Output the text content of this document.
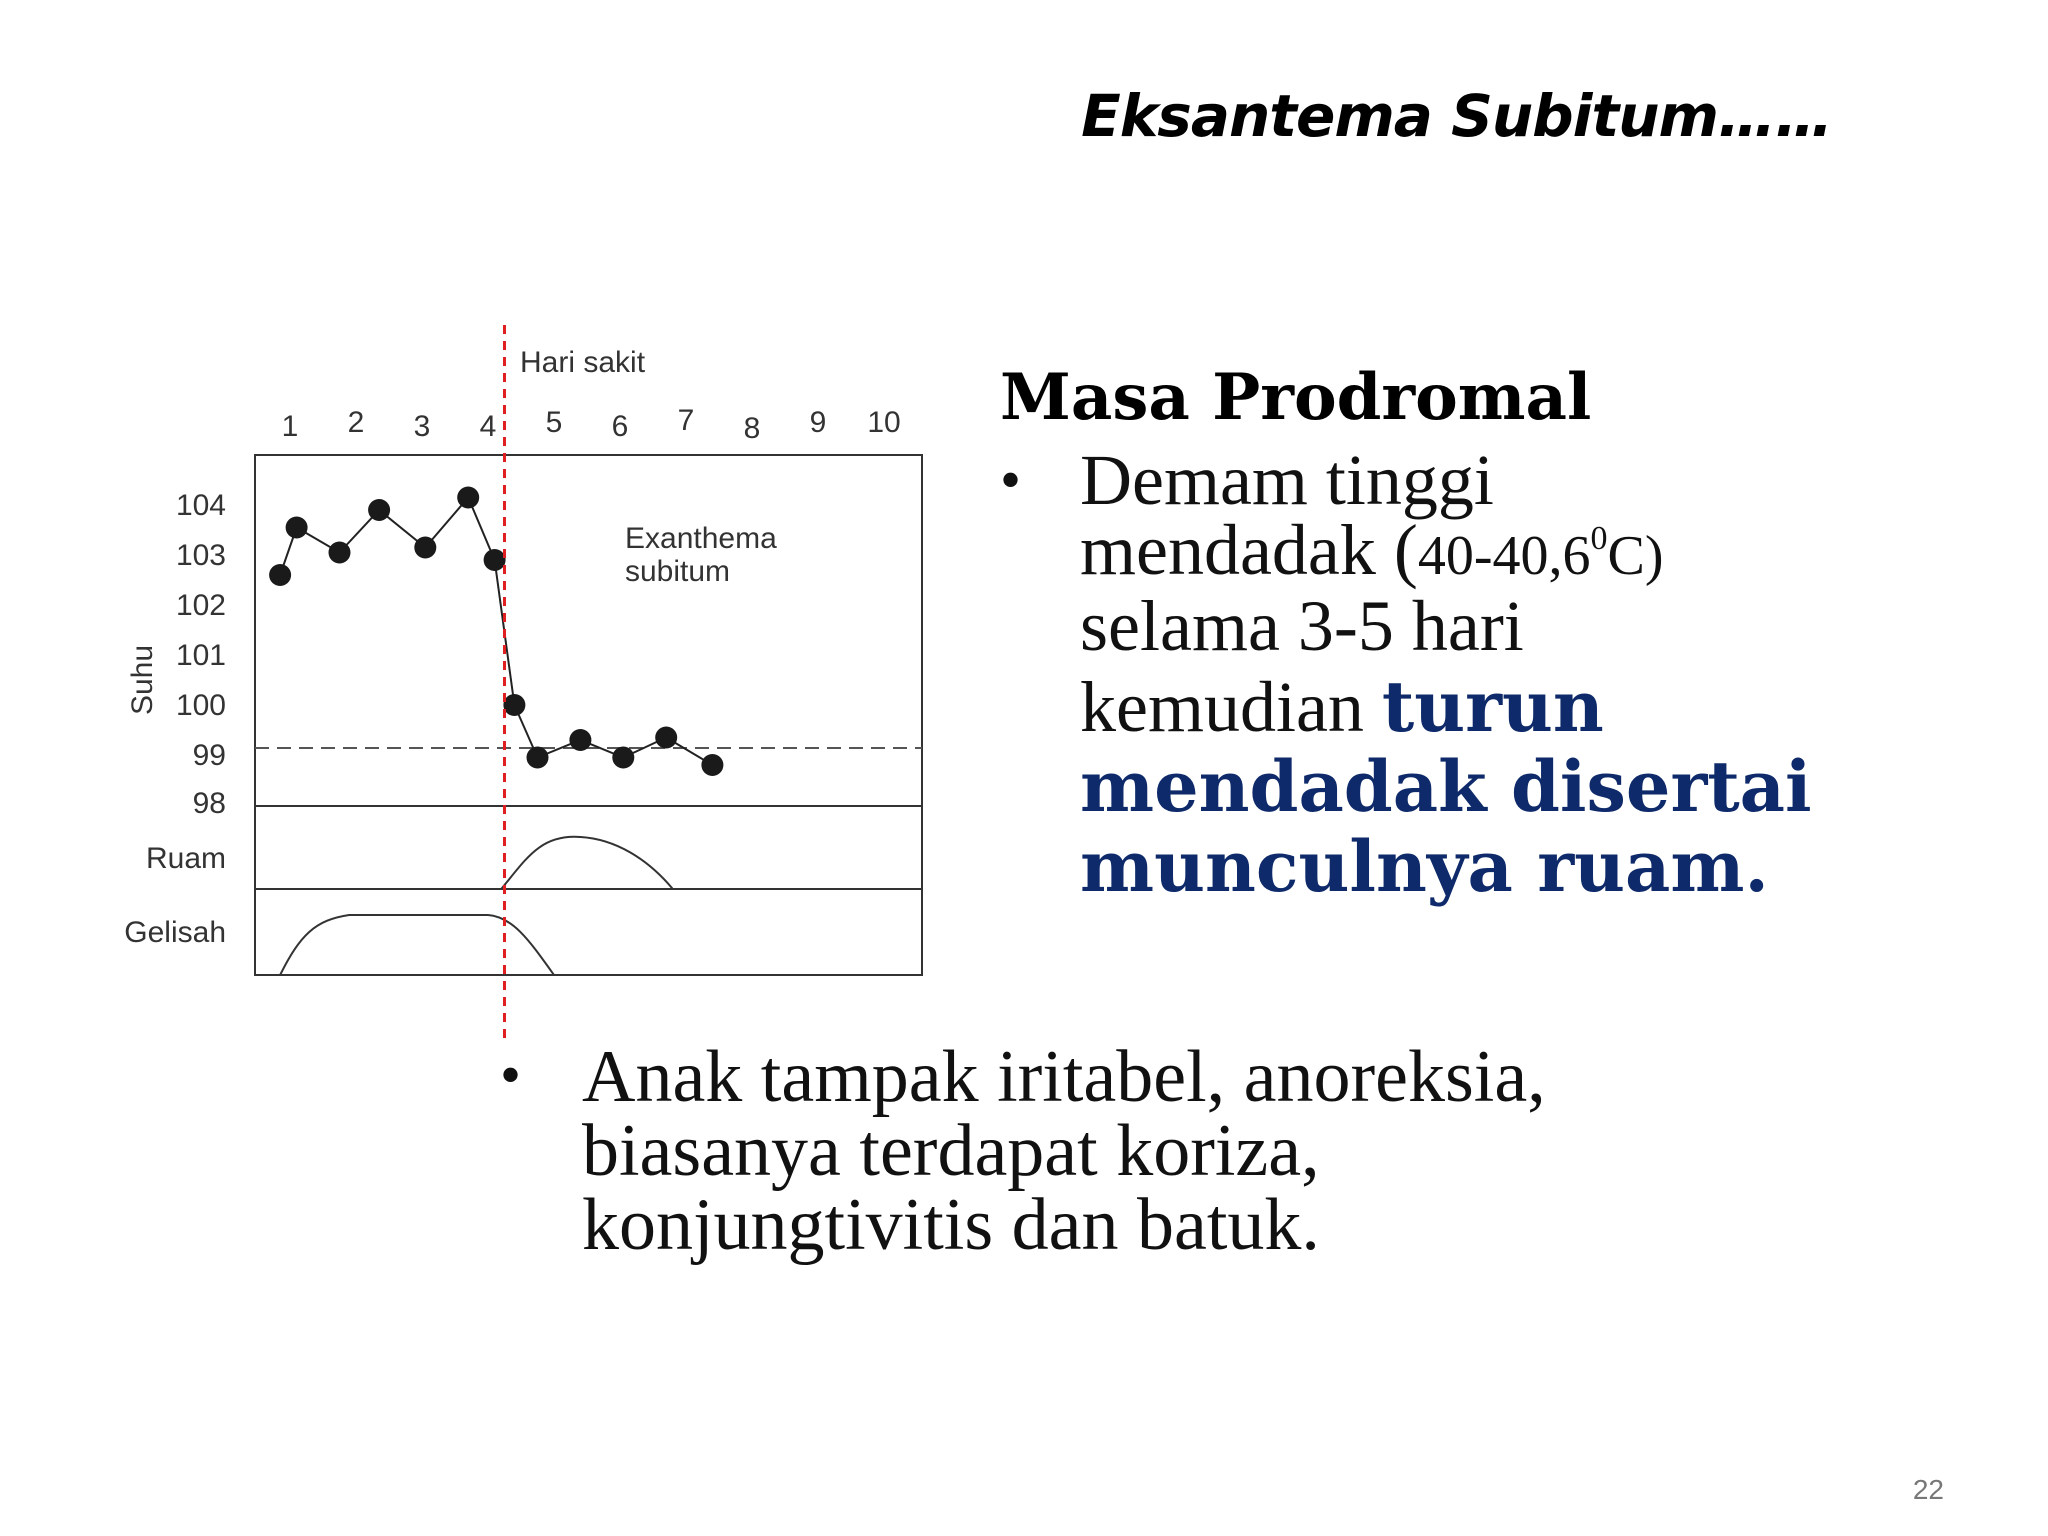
Eksantema Subitum……
Hari sakit
1 2 3 4 5 6 7 8 9 10
104
103
102
101
100
99
98
Suhu
Exanthema
subitum
Ruam
Gelisah
Masa Prodromal
• Demam tinggi
mendadak (40-40,6$^0$C)
selama 3-5 hari
kemudian turun
mendadak disertai
munculnya ruam.
• Anak tampak iritabel, anoreksia,
biasanya terdapat koriza,
konjungtivitis dan batuk.
22
